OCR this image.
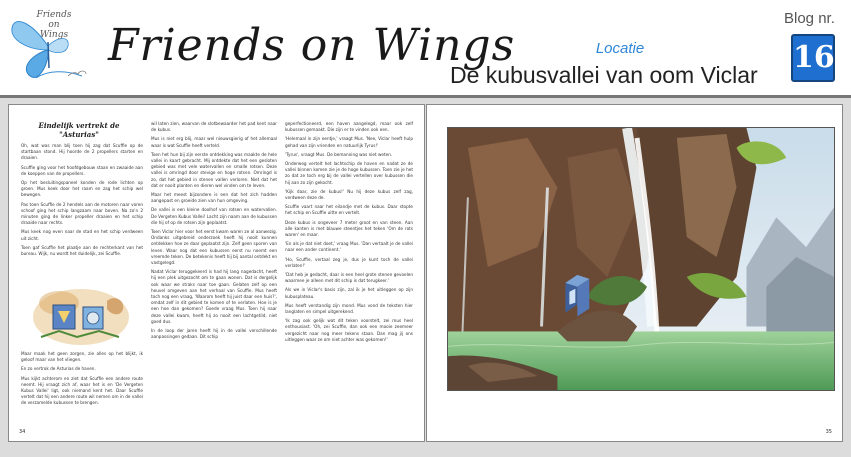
Friends on Wings Friends on Wings	Locatie
De kubusvallei van oom Viclar
Blog nr.
16
Eindelijk vertrekt de "Asturias"

Oh, wat was man blij toen hij zag dat Scuffie op de startbaan stond. Hij hoorde de 2 propellers starten en draaien.

Scuffie ging voor het hoofdgebouw staan en zwaaide aan de koeppen van de propellers.

Op het besluitingspaneel konden de rode lichten op groen. Mus keek door het raam en zag het schip wel bewegen.

Pas toen Scuffie de 2 hendels aan de motoren naar voren schoof ging het schip langzaam naar boven. Na zo'n 2 minuten ging de linker propeller draaien en het schip draaide naar rechts.

Mus keek nog even naar de stad en het schip verdween uit zicht.

Toen gaf Scuffie het plaatje aan de rechterkant van het bureau. Wijk, nu wordt het duidelijk, zei Scuffie.

Maar maak het geen zorgen, zie alles op het blijkt, ik geloof maar van het vliegen.

En zo vertrok de Asturias de haven.

Mus kijkt achterom en ziet dat Scuffie een andere route neemt. Hij vraagt zich af, waar het is en 'De Vergeten Kubus Vallei' ligt, ook niemand kent het. Daar Scuffie vertelt dat hij een andere route wil nemen om in de vallei de verzamelde kubussen te brengen.

wil laten zien, waarvan de slotbewaarder het pad kent naar de kubus.

Mus is niet erg blij, maar wel nieuwsgierig of het allemaal waar is wat Scuffie heeft verteld.

Toen het hun bij zijn eerste ontdekking was maakte de hele vallei in kaart gebracht. Mij ontdekte dat het een gesloten gebied was met vele watervallen en smalle rotsen. Deze vallei is omringd door stevige en hoge rotsen. Omringd is zo, dat het gebied in stenen vallen verloren. Niet dat het dat er nooit planten en dieren wel vinden om te leven.

Maar het meest bijzondere is een dat het zich hadden aangepast en groeide zien van hun omgeving.

De vallei is een kleine doolhof van rotsen en watervallen. De Vergeten Kubus Vallei! Lacht zijn naam aan de kubussen die hij of op de rotsen zijn geplaatst.

Toen Viclar hier voor het eerst kwam waren ze al aanwezig. Ondanks uitgebreid onderzoek heeft hij nooit kunnen ontdekken hoe ze daar geplaatst zijn. Zelf geen sporen van leven. Waar nog dat een kubussen eerst nu noemt een vreemde teken. De betekenis heeft hij bij aantal ontdekt en vastgelegd.

Nadat Viclar teruggekeerd is had hij lang nagedacht, heeft hij een plek uitgezocht om te gaan wonen. Dat is dergelijk ook waar we straks naar toe gaan. Gelaten zelf op een heuvel omgeven aan het verhaal van Scuffie. Mus heeft toch nog een vraag, 'Waarom heeft hij juist daar een huis?', omdat zelf in dit gebied te komen of te verlaten. Hoe is je een hoe dan gekomen? Goede vraag Mus. Toen hij naar deze vallei kwam, heeft hij zo nooit een lachtgetild, niet goed dus.

In de loop der jaren heeft hij in de vallei verschillende aanpassingen gedaan. Dit schip

geperfectioneerd, een haven aangelegd, maar ook zelf kubussen gemaakt. Die zijn er te vinden ook een.

'Helemaal in zijn eentje,' vraagt Mus. 'Nee, Viclar heeft hulp gehad van zijn vrienden en natuurlijk Tyrus!'

'Tyrus', vraagt Mus. De bemanning was niet weten.

Onderweg vertelt het lachtschip de haven en nadat ze de vallei binnen komen zie je de hoge kubussen. Toen zie je het zo dat ze toch erg bij de vallei vertellen over kubussen die hij aan zo zijn gekocht.

'Kijk daar, zie de kubus!' Nu hij deze kubus zelf zag, verdween deze de.

Scuffie vaart naar het eilandje met de kubus. Daar stopte het schip en Scuffie uitte en vertelt.

Deze kubus is ongeveer 7 meter groot en van steen. Aan alle kanten is met blauwe steentjes het teken 'Om de rots waren' en maar.

'En als je dat niet doet,' vraag Mus. 'Dan vertaalt je de vallei naar een ander continent.'

'Ho, Scuffie, vertaal zeg je, dus je kunt toch de vallei verlaten!'

'Dat heb je gedacht, daar is een heel grote stenen gevoelen waarmee je alleen met dit schip is dat terugkeer.'

Als we in Viclar's basis zijn, zal ik je het uitleggen op zijn kubusplateau.

Mus heeft verstandig zijn mond. Mus vond de teksten hier langlaten en simpel uitgerekend.

'Ik zag ook gelijk wat dit teken voorstelt, zei mus heel enthousiast. 'Oh, zei Scuffie, dan ook een mooie zeemeer vergezicht naar nog meer tekens staan. Dan mag jij ons uitleggen waar ze om niet achter was gekomen!'

34	35
